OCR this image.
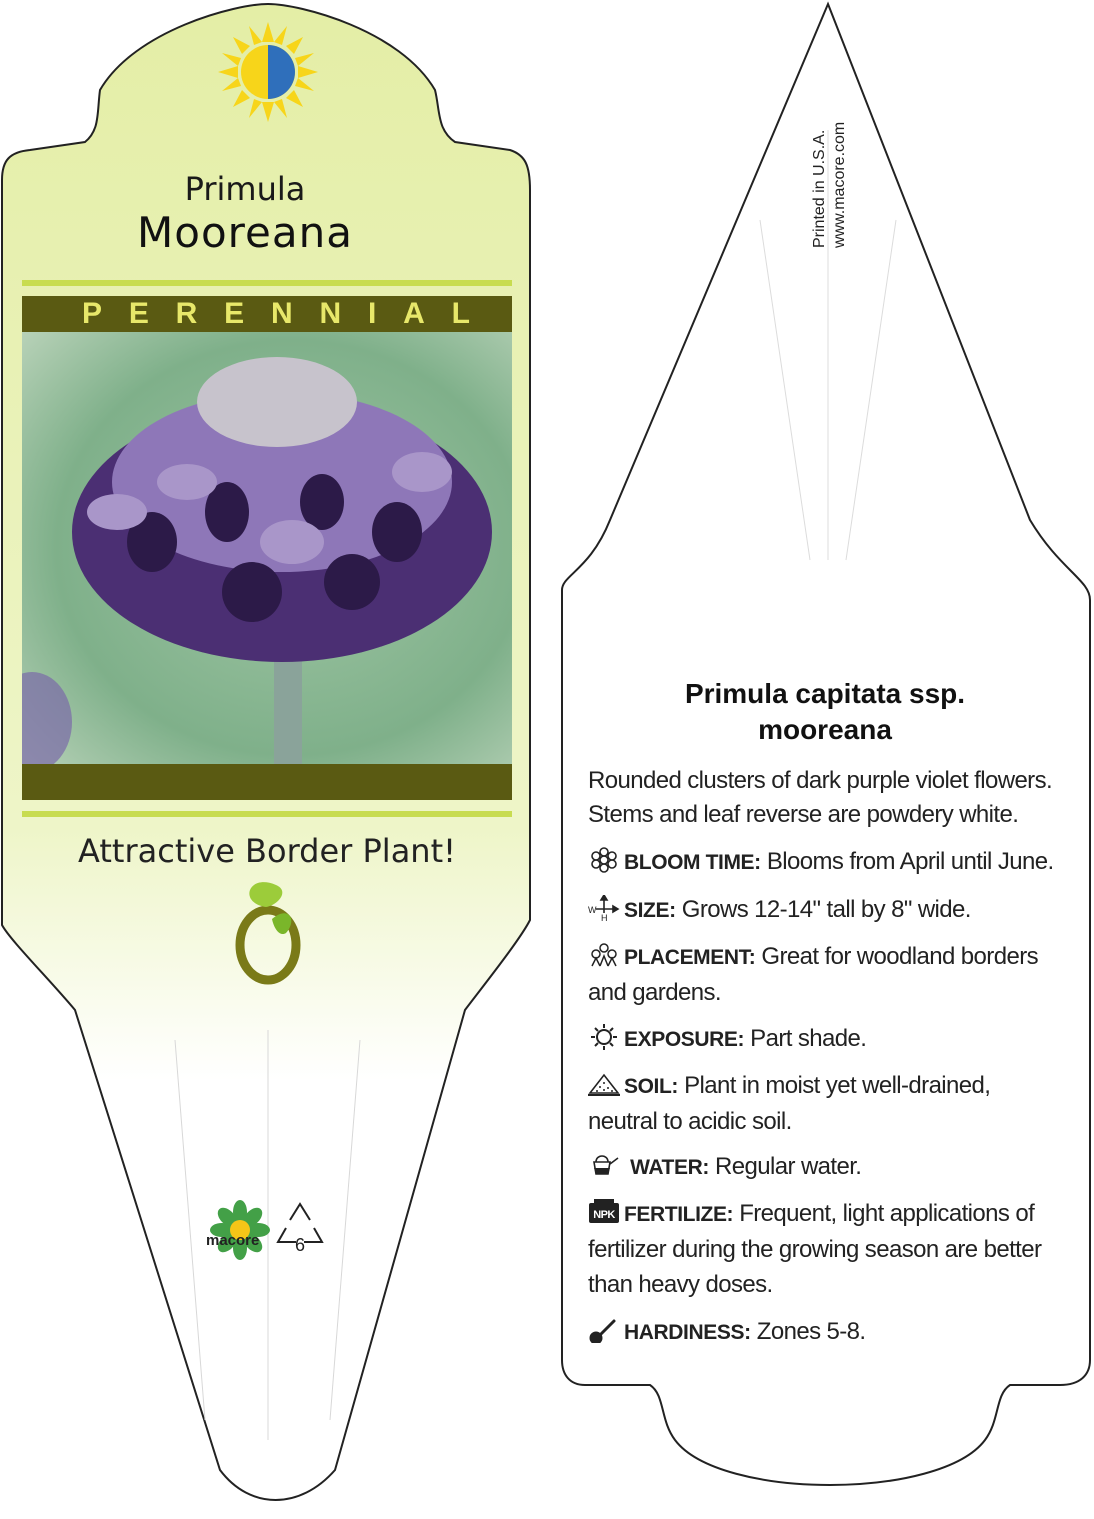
6
Primula
Mooreana
P E R E N N I A L
Attractive Border Plant!
macore
Printed in U.S.A. www.macore.com
Primula capitata ssp.
mooreana
Rounded clusters of dark purple violet flowers. Stems and leaf reverse are powdery white.
BLOOM TIME: Blooms from April until June.
W
H SIZE: Grows 12-14" tall by 8" wide.
PLACEMENT: Great for woodland borders and gardens.
EXPOSURE: Part shade.
SOIL: Plant in moist yet well-drained, neutral to acidic soil.
WATER: Regular water.
NPK FERTILIZE: Frequent, light applications of fertilizer during the growing season are better than heavy doses.
HARDINESS: Zones 5-8.
